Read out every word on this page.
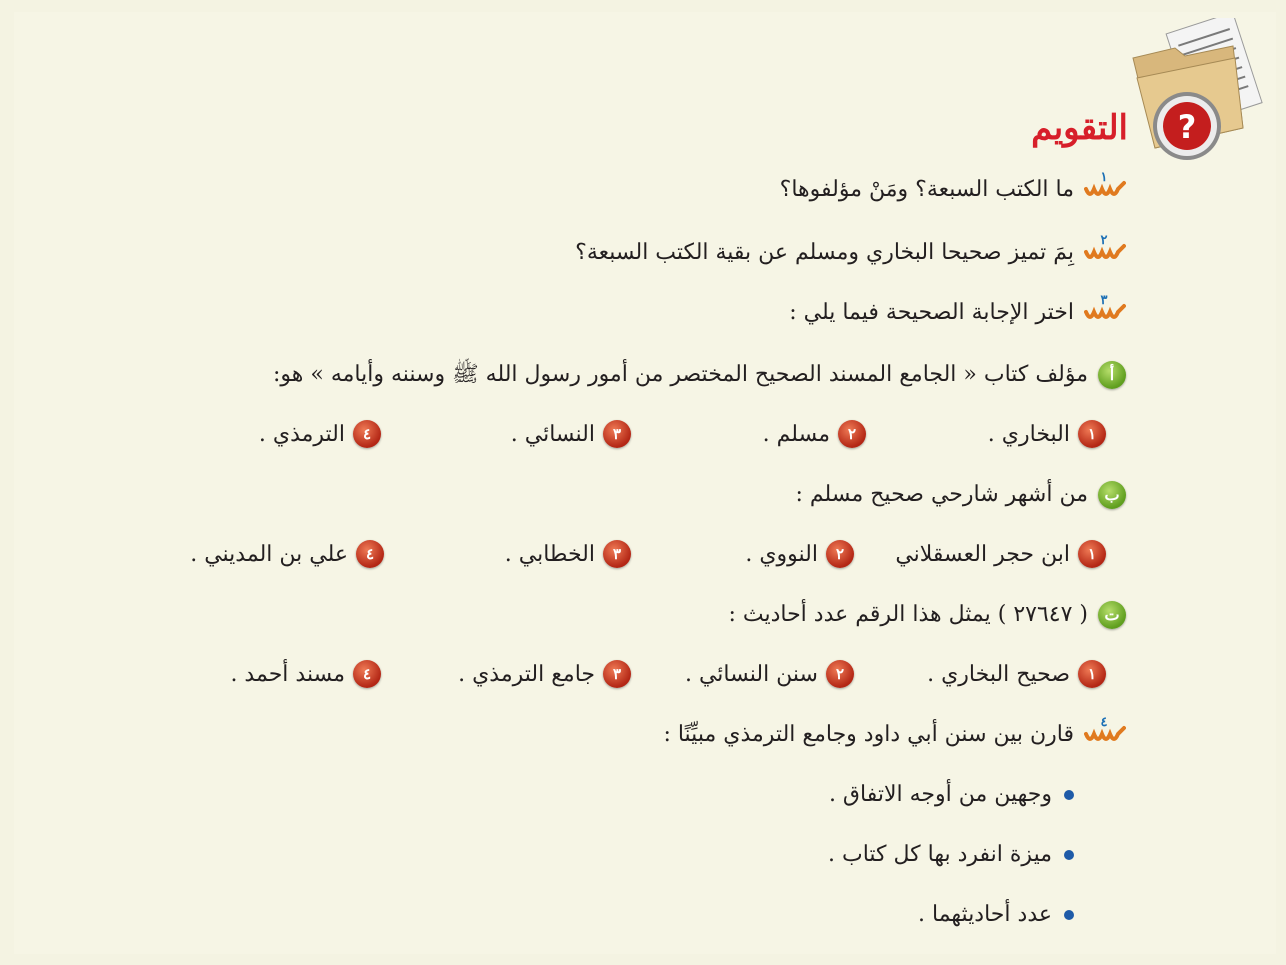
?
التقويم
١
ما الكتب السبعة؟ ومَنْ مؤلفوها؟
٢
بِمَ تميز صحيحا البخاري ومسلم عن بقية الكتب السبعة؟
٣
اختر الإجابة الصحيحة فيما يلي :
أ
مؤلف كتاب « الجامع المسند الصحيح المختصر من أمور رسول الله ﷺ وسننه وأيامه » هو:
١
البخاري .
٢
مسلم .
٣
النسائي .
٤
الترمذي .
ب
من أشهر شارحي صحيح مسلم :
١
ابن حجر العسقلاني
٢
النووي .
٣
الخطابي .
٤
علي بن المديني .
ت
( ٢٧٦٤٧ ) يمثل هذا الرقم عدد أحاديث :
١
صحيح البخاري .
٢
سنن النسائي .
٣
جامع الترمذي .
٤
مسند أحمد .
٤
قارن بين سنن أبي داود وجامع الترمذي مبيِّنًا :
وجهين من أوجه الاتفاق .
ميزة انفرد بها كل كتاب .
عدد أحاديثهما .
